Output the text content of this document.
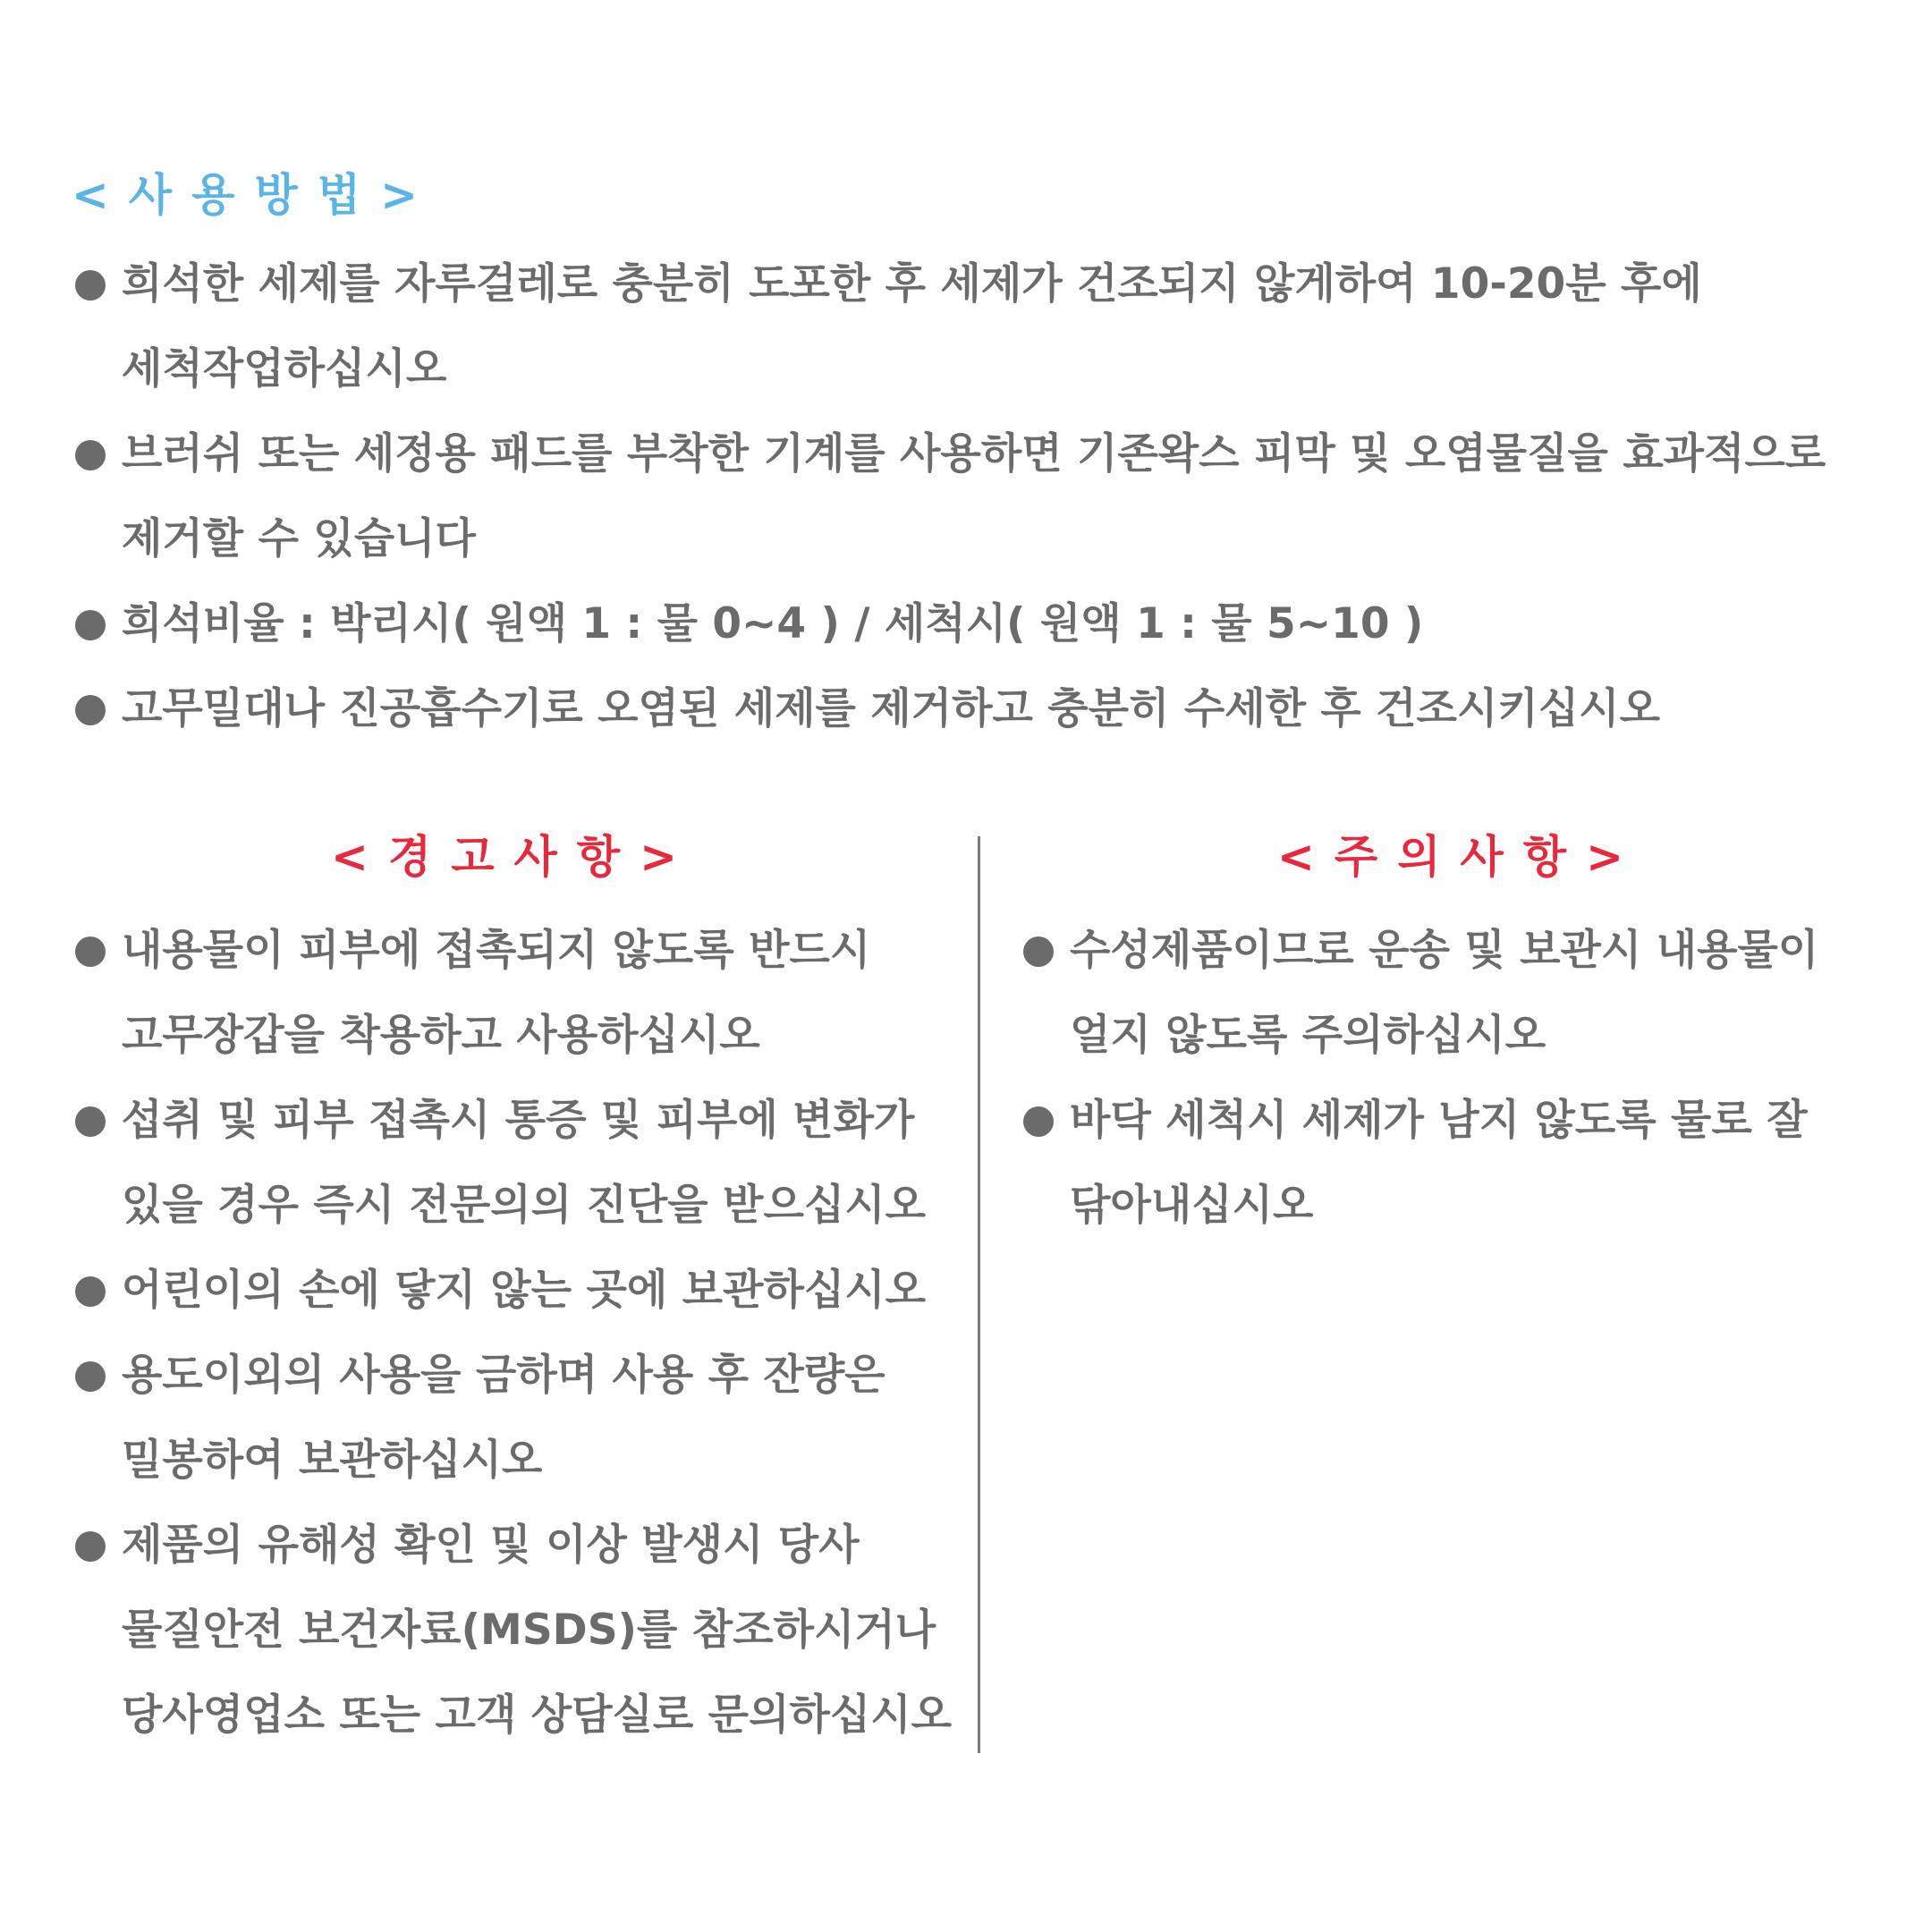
<사용방법>
희석한 세제를 자루걸레로 충분히 도포한 후 세제가 건조되지 않게하여 10-20분 후에 세척작업하십시오
브러쉬 또는 세정용 패드를 부착한 기계를 사용하면 기존왁스 피막 및 오염물질을 효과적으로 제거할 수 있습니다
희석비율 : 박리시( 원액 1 : 물 0~4 ) / 세척시( 원액 1 : 물 5~10 )
고무밀대나 진공흡수기로 오염된 세제를 제거하고 충분히 수세한 후 건조시키십시오
<경고사항>
내용물이 피부에 접촉되지 않도록 반드시 고무장갑을 착용하고 사용하십시오
섭취 및 피부 접촉시 통증 및 피부에 변화가 있을 경우 즉시 전문의의 진단을 받으십시오
어린이의 손에 닿지 않는 곳에 보관하십시오
용도이외의 사용을 금하며 사용 후 잔량은 밀봉하여 보관하십시오
제품의 유해성 확인 및 이상 발생시 당사 물질안전 보건자료(MSDS)를 참조하시거나 당사영업소 또는 고객 상담실로 문의하십시오
<주의사항>
수성제품이므로 운송 및 보관시 내용물이 얼지 않도록 주의하십시오
바닥 세척시 세제가 남지 않도록 물로 잘 닦아내십시오
